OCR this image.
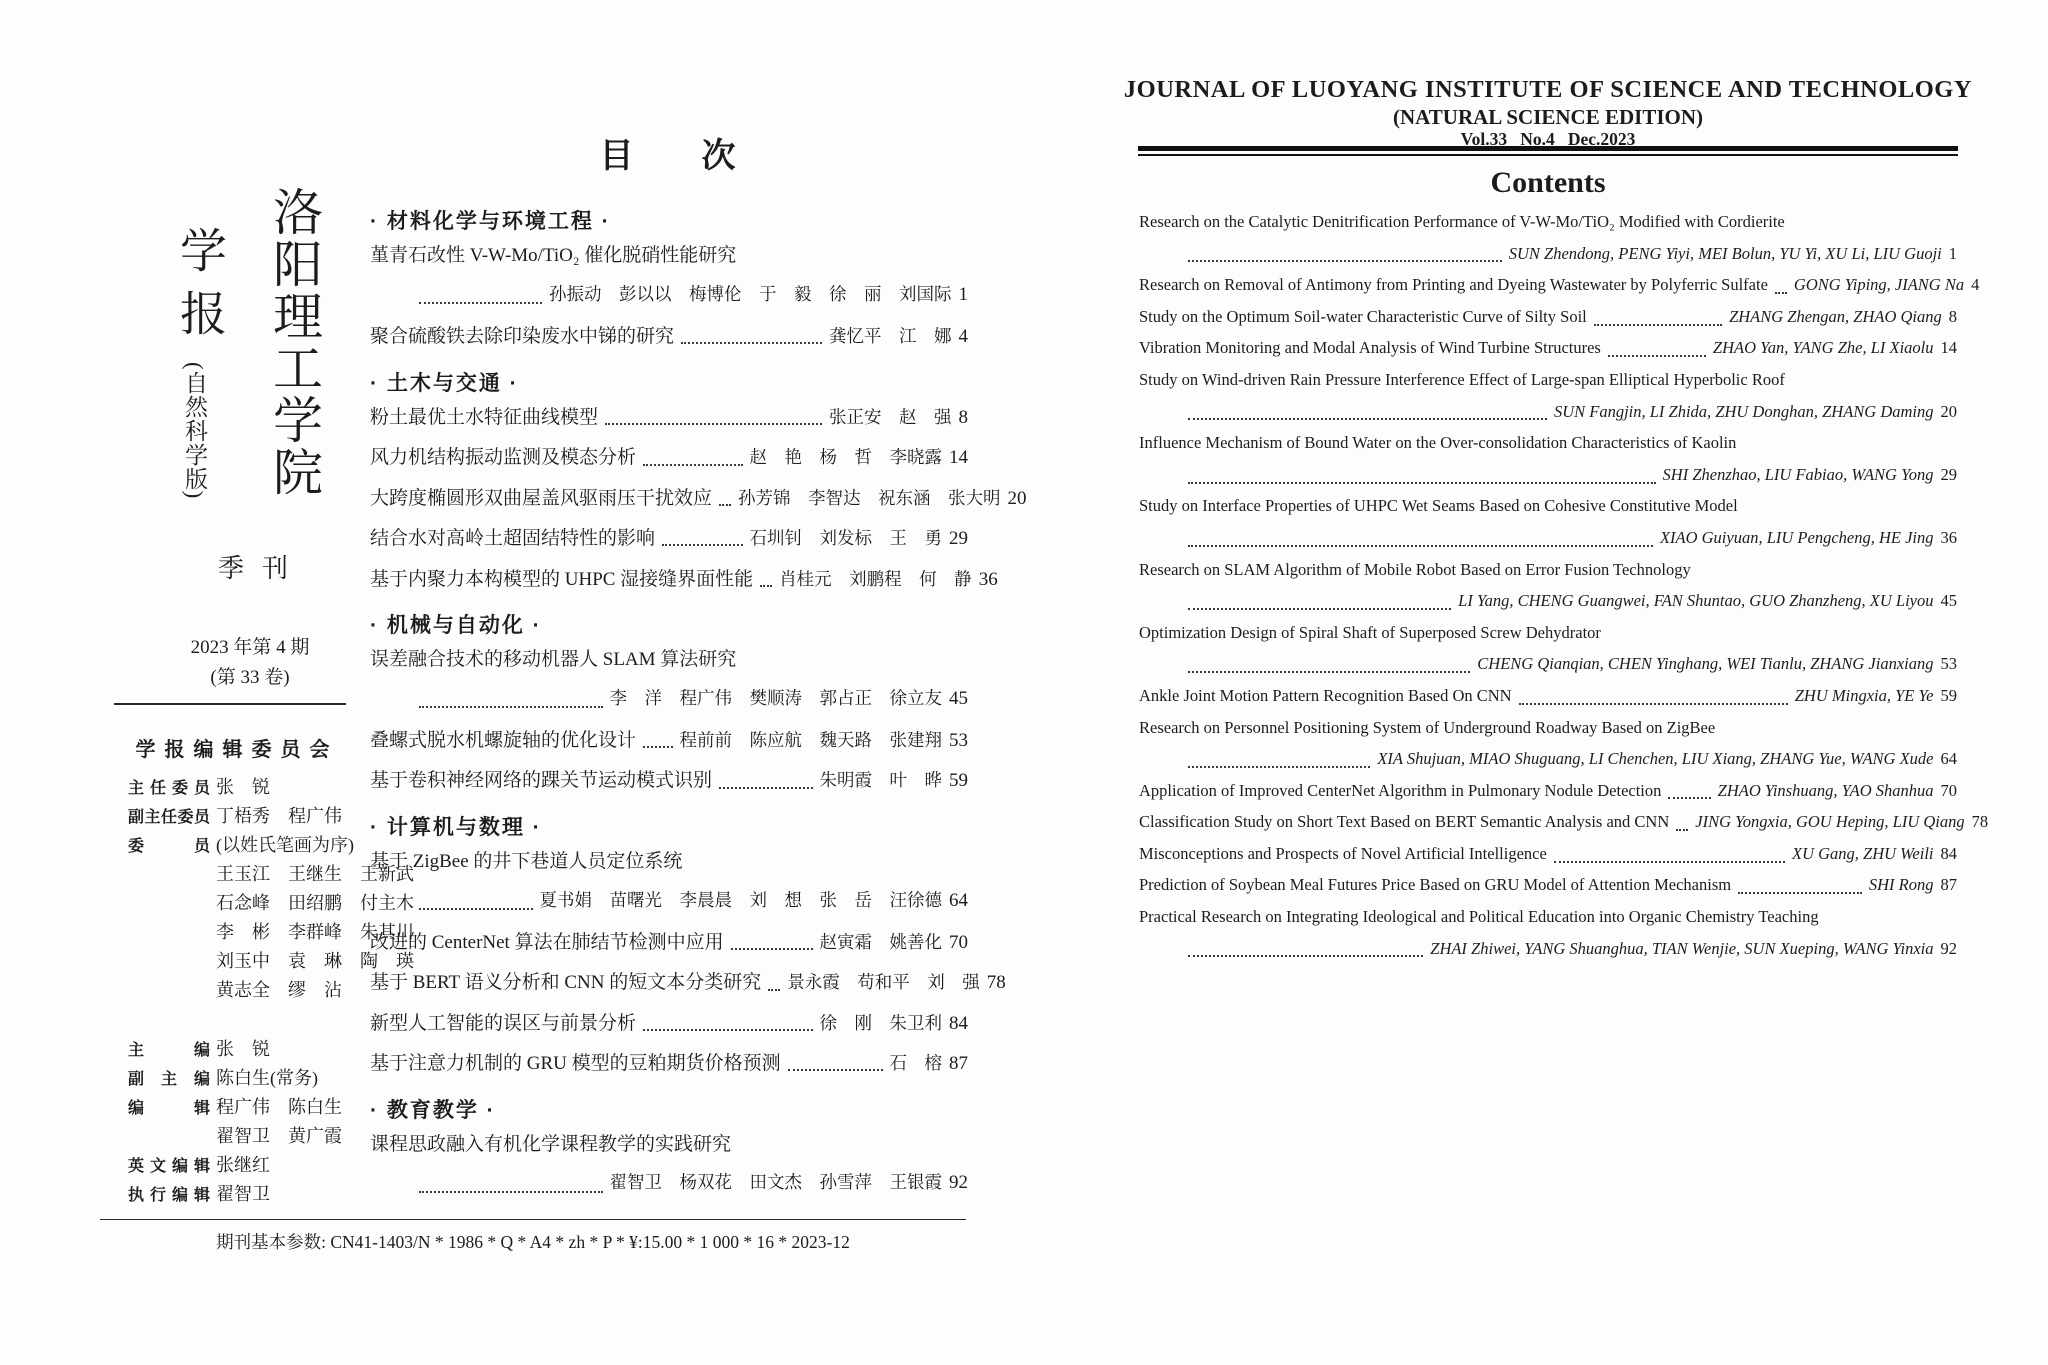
洛阳理工学院
学报
(自然科学版)
季刊
2023 年第 4 期
(第 33 卷)
学报编辑委员会
主任委员 张　锐
副主任委员 丁梧秀　程广伟
委员 (以姓氏笔画为序)
王玉江　王继生　王新武
石念峰　田绍鹏　付主木
李　彬　李群峰　朱其川
刘玉中　袁　琳　陶　瑛
黄志全　缪　沾
主编 张　锐
副主编 陈白生(常务)
编辑 程广伟　陈白生
翟智卫　黄广霞
英文编辑 张继红
执行编辑 翟智卫
目　　次
· 材料化学与环境工程 ·
堇青石改性 V-W-Mo/TiO₂ 催化脱硝性能研究
孙振动　彭以以　梅博伦　于　毅　徐　丽　刘国际 1
聚合硫酸铁去除印染废水中锑的研究	龚忆平　江　娜 4
· 土木与交通 ·
粉土最优土水特征曲线模型	张正安　赵　强 8
风力机结构振动监测及模态分析	赵　艳　杨　哲　李晓露 14
大跨度椭圆形双曲屋盖风驱雨压干扰效应 孙芳锦　李智达　祝东涵　张大明 20
结合水对高岭土超固结特性的影响	石圳钊　刘发标　王　勇 29
基于内聚力本构模型的 UHPC 湿接缝界面性能 肖桂元　刘鹏程　何　静 36
· 机械与自动化 ·
误差融合技术的移动机器人 SLAM 算法研究
李　洋　程广伟　樊顺涛　郭占正　徐立友 45
叠螺式脱水机螺旋轴的优化设计 程前前　陈应航　魏天路　张建翔 53
基于卷积神经网络的踝关节运动模式识别	朱明霞　叶　晔 59
· 计算机与数理 ·
基于 ZigBee 的井下巷道人员定位系统
夏书娟　苗曙光　李晨晨　刘　想　张　岳　汪徐德 64
改进的 CenterNet 算法在肺结节检测中应用	赵寅霜　姚善化 70
基于 BERT 语义分析和 CNN 的短文本分类研究 景永霞　苟和平　刘　强 78
新型人工智能的误区与前景分析	徐　刚　朱卫利 84
基于注意力机制的 GRU 模型的豆粕期货价格预测	石　榕 87
· 教育教学 ·
课程思政融入有机化学课程教学的实践研究
翟智卫　杨双花　田文杰　孙雪萍　王银霞 92
期刊基本参数: CN41-1403/N * 1986 * Q * A4 * zh * P * ¥:15.00 * 1 000 * 16 * 2023-12
JOURNAL OF LUOYANG INSTITUTE OF SCIENCE AND TECHNOLOGY
(NATURAL SCIENCE EDITION)
Vol.33   No.4   Dec.2023
Contents
Research on the Catalytic Denitrification Performance of V-W-Mo/TiO₂ Modified with Cordierite
SUN Zhendong, PENG Yiyi, MEI Bolun, YU Yi, XU Li, LIU Guoji 1
Research on Removal of Antimony from Printing and Dyeing Wastewater by Polyferric Sulfate GONG Yiping, JIANG Na 4
Study on the Optimum Soil-water Characteristic Curve of Silty Soil	ZHANG Zhengan, ZHAO Qiang 8
Vibration Monitoring and Modal Analysis of Wind Turbine Structures	ZHAO Yan, YANG Zhe, LI Xiaolu 14
Study on Wind-driven Rain Pressure Interference Effect of Large-span Elliptical Hyperbolic Roof
SUN Fangjin, LI Zhida, ZHU Donghan, ZHANG Daming 20
Influence Mechanism of Bound Water on the Over-consolidation Characteristics of Kaolin
SHI Zhenzhao, LIU Fabiao, WANG Yong 29
Study on Interface Properties of UHPC Wet Seams Based on Cohesive Constitutive Model
XIAO Guiyuan, LIU Pengcheng, HE Jing 36
Research on SLAM Algorithm of Mobile Robot Based on Error Fusion Technology
LI Yang, CHENG Guangwei, FAN Shuntao, GUO Zhanzheng, XU Liyou 45
Optimization Design of Spiral Shaft of Superposed Screw Dehydrator
CHENG Qianqian, CHEN Yinghang, WEI Tianlu, ZHANG Jianxiang 53
Ankle Joint Motion Pattern Recognition Based On CNN	ZHU Mingxia, YE Ye 59
Research on Personnel Positioning System of Underground Roadway Based on ZigBee
XIA Shujuan, MIAO Shuguang, LI Chenchen, LIU Xiang, ZHANG Yue, WANG Xude 64
Application of Improved CenterNet Algorithm in Pulmonary Nodule Detection	ZHAO Yinshuang, YAO Shanhua 70
Classification Study on Short Text Based on BERT Semantic Analysis and CNN JING Yongxia, GOU Heping, LIU Qiang 78
Misconceptions and Prospects of Novel Artificial Intelligence	XU Gang, ZHU Weili 84
Prediction of Soybean Meal Futures Price Based on GRU Model of Attention Mechanism	SHI Rong 87
Practical Research on Integrating Ideological and Political Education into Organic Chemistry Teaching
ZHAI Zhiwei, YANG Shuanghua, TIAN Wenjie, SUN Xueping, WANG Yinxia 92
